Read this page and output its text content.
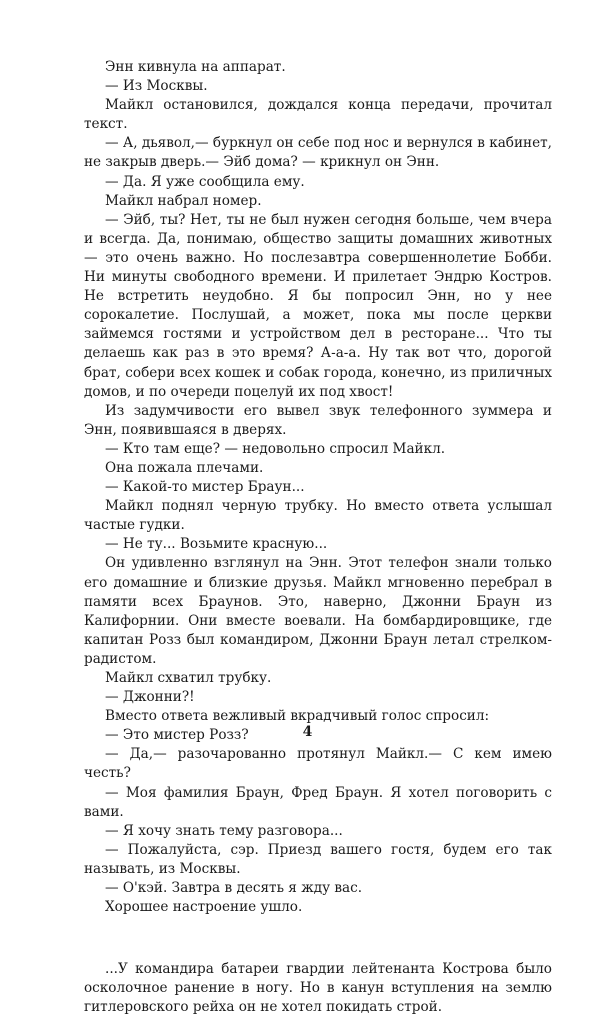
Энн кивнула на аппарат.

— Из Москвы.

Майкл остановился, дождался конца передачи, прочитал текст.

— А, дьявол,— буркнул он себе под нос и вернулся в кабинет, не закрыв дверь.— Эйб дома? — крикнул он Энн.

— Да. Я уже сообщила ему.

Майкл набрал номер.

— Эйб, ты? Нет, ты не был нужен сегодня больше, чем вчера и всегда. Да, понимаю, общество защиты домашних животных — это очень важно. Но послезавтра совершеннолетие Бобби. Ни минуты свободного времени. И прилетает Эндрю Костров. Не встретить неудобно. Я бы попросил Энн, но у нее сорокалетие. Послушай, а может, пока мы после церкви займемся гостями и устройством дел в ресторане... Что ты делаешь как раз в это время? А-а-а. Ну так вот что, дорогой брат, собери всех кошек и собак города, конечно, из приличных домов, и по очереди поцелуй их под хвост!

Из задумчивости его вывел звук телефонного зуммера и Энн, появившаяся в дверях.

— Кто там еще? — недовольно спросил Майкл.

Она пожала плечами.

— Какой-то мистер Браун...

Майкл поднял черную трубку. Но вместо ответа услышал частые гудки.

— Не ту... Возьмите красную...

Он удивленно взглянул на Энн. Этот телефон знали только его домашние и близкие друзья. Майкл мгновенно перебрал в памяти всех Браунов. Это, наверно, Джонни Браун из Калифорнии. Они вместе воевали. На бомбардировщике, где капитан Розз был командиром, Джонни Браун летал стрелком-радистом.

Майкл схватил трубку.

— Джонни?!

Вместо ответа вежливый вкрадчивый голос спросил:

— Это мистер Розз?

— Да,— разочарованно протянул Майкл.— С кем имею честь?

— Моя фамилия Браун, Фред Браун. Я хотел поговорить с вами.

— Я хочу знать тему разговора...

— Пожалуйста, сэр. Приезд вашего гостя, будем его так называть, из Москвы.

— О'кэй. Завтра в десять я жду вас.

Хорошее настроение ушло.

...У командира батареи гвардии лейтенанта Кострова было осколочное ранение в ногу. Но в канун вступления на землю гитлеровского рейха он не хотел покидать строй.

4
